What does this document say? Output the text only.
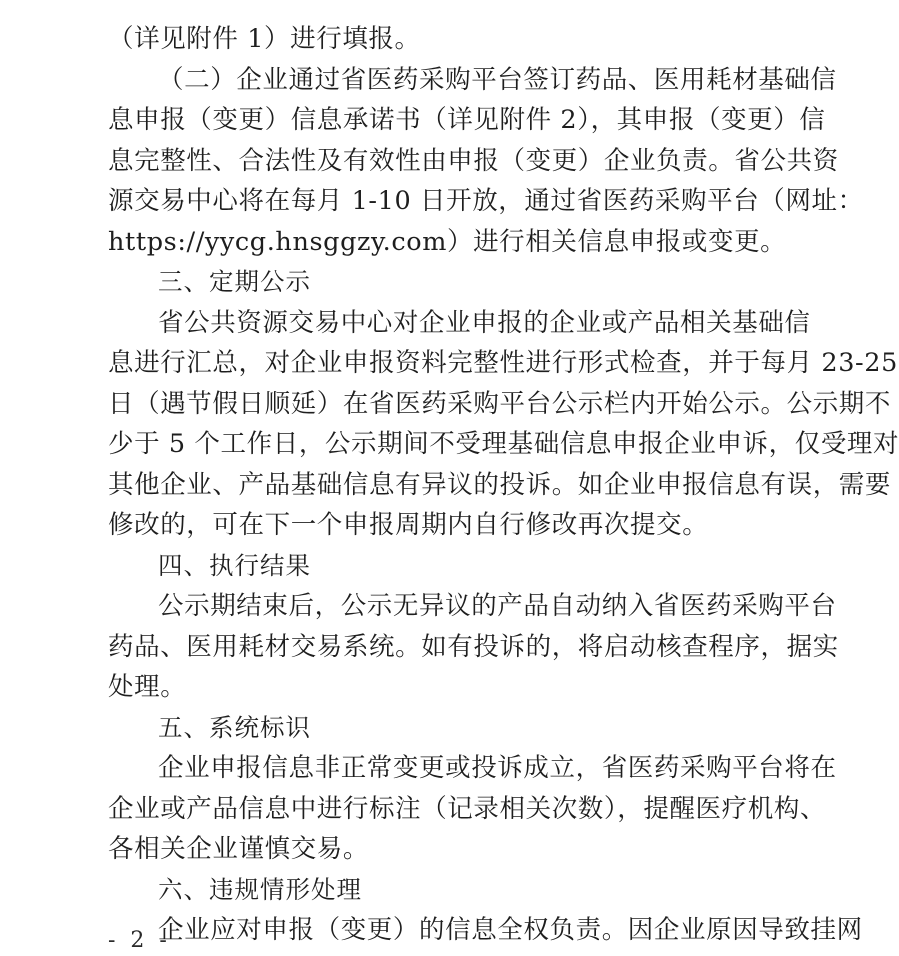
（详见附件 1）进行填报。
（二）企业通过省医药采购平台签订药品、医用耗材基础信
息申报（变更）信息承诺书（详见附件 2），其申报（变更）信
息完整性、合法性及有效性由申报（变更）企业负责。省公共资
源交易中心将在每月 1-10 日开放，通过省医药采购平台（网址：
https://yycg.hnsggzy.com）进行相关信息申报或变更。
三、定期公示
省公共资源交易中心对企业申报的企业或产品相关基础信
息进行汇总，对企业申报资料完整性进行形式检查，并于每月 23-25
日（遇节假日顺延）在省医药采购平台公示栏内开始公示。公示期不
少于 5 个工作日，公示期间不受理基础信息申报企业申诉，仅受理对
其他企业、产品基础信息有异议的投诉。如企业申报信息有误，需要
修改的，可在下一个申报周期内自行修改再次提交。
四、执行结果
公示期结束后，公示无异议的产品自动纳入省医药采购平台
药品、医用耗材交易系统。如有投诉的，将启动核查程序，据实
处理。
五、系统标识
企业申报信息非正常变更或投诉成立，省医药采购平台将在
企业或产品信息中进行标注（记录相关次数），提醒医疗机构、
各相关企业谨慎交易。
六、违规情形处理
企业应对申报（变更）的信息全权负责。因企业原因导致挂网
- 2 -
